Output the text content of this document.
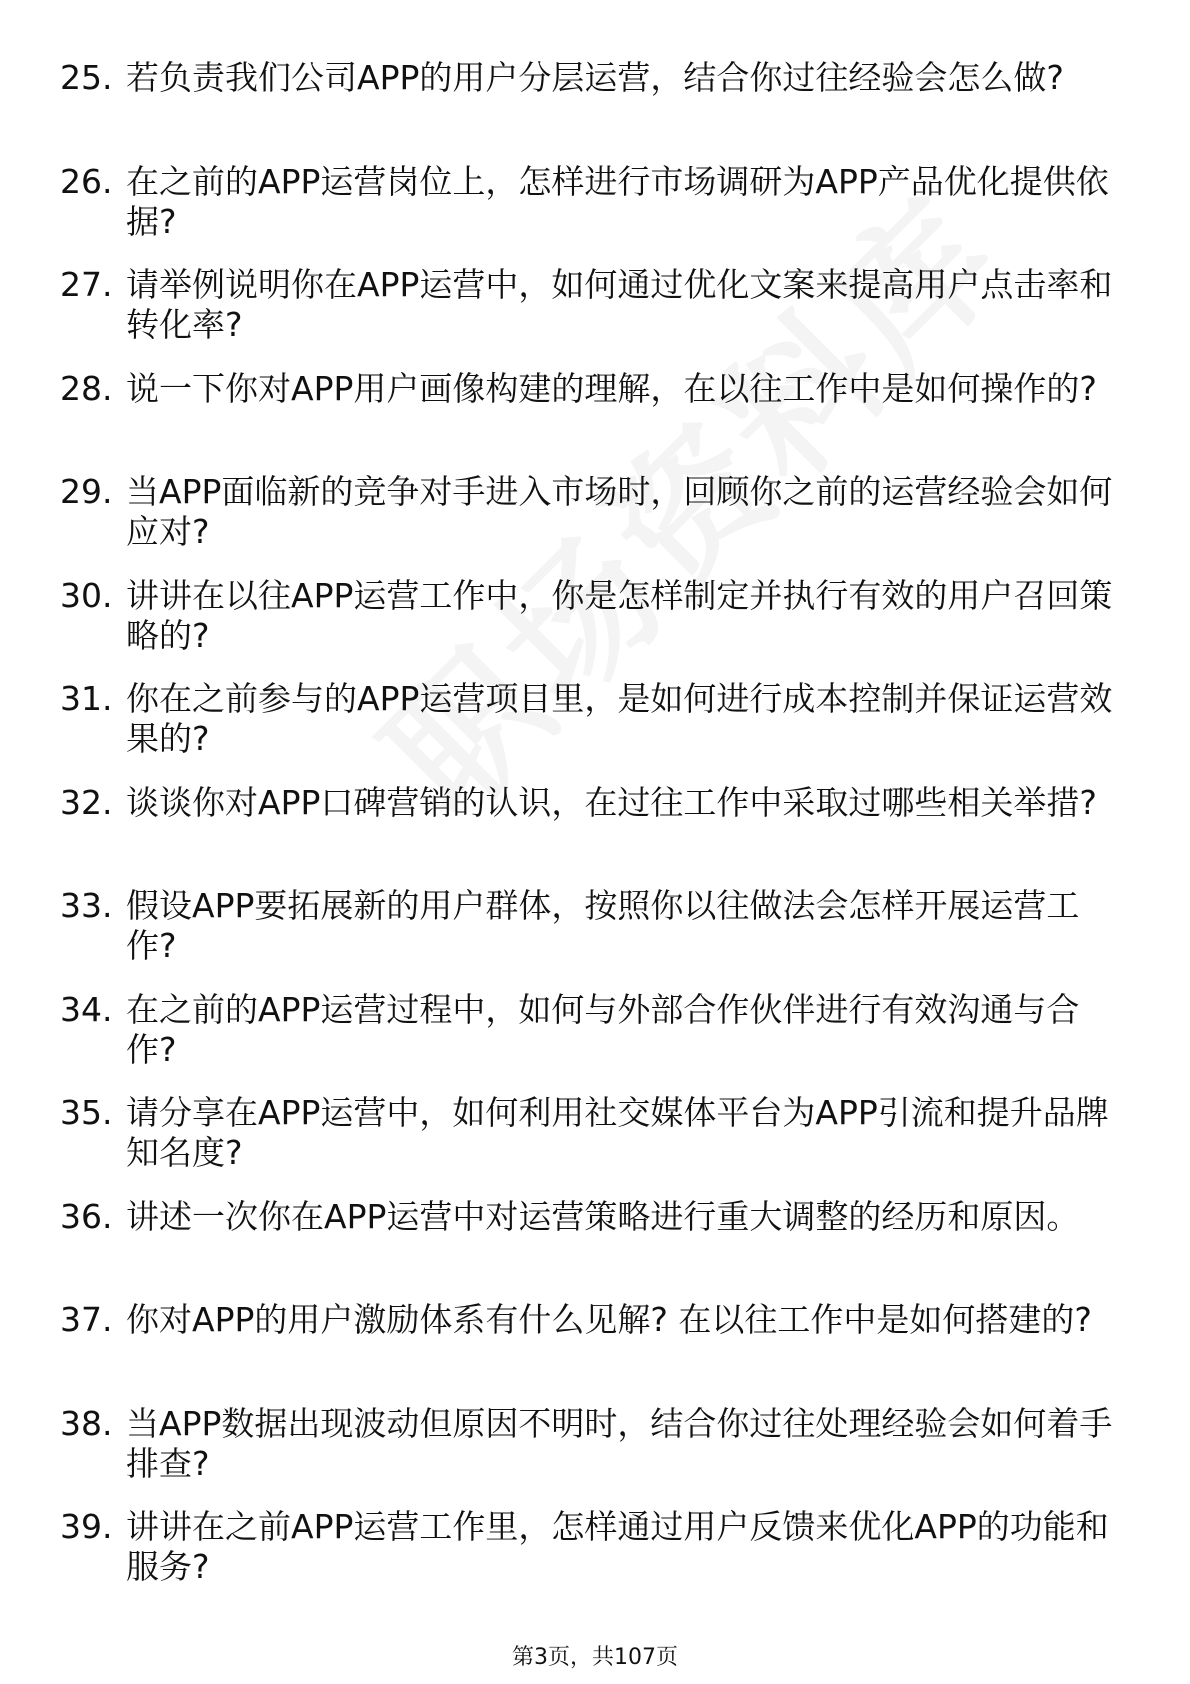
25. 若负责我们公司APP的用户分层运营，结合你过往经验会怎么做?
26. 在之前的APP运营岗位上，怎样进行市场调研为APP产品优化提供依据?
27. 请举例说明你在APP运营中，如何通过优化文案来提高用户点击率和转化率?
28. 说一下你对APP用户画像构建的理解，在以往工作中是如何操作的?
29. 当APP面临新的竞争对手进入市场时，回顾你之前的运营经验会如何应对?
30. 讲讲在以往APP运营工作中，你是怎样制定并执行有效的用户召回策略的?
31. 你在之前参与的APP运营项目里，是如何进行成本控制并保证运营效果的?
32. 谈谈你对APP口碑营销的认识，在过往工作中采取过哪些相关举措?
33. 假设APP要拓展新的用户群体，按照你以往做法会怎样开展运营工作?
34. 在之前的APP运营过程中，如何与外部合作伙伴进行有效沟通与合作?
35. 请分享在APP运营中，如何利用社交媒体平台为APP引流和提升品牌知名度?
36. 讲述一次你在APP运营中对运营策略进行重大调整的经历和原因。
37. 你对APP的用户激励体系有什么见解? 在以往工作中是如何搭建的?
38. 当APP数据出现波动但原因不明时，结合你过往处理经验会如何着手排查?
39. 讲讲在之前APP运营工作里，怎样通过用户反馈来优化APP的功能和服务?
第3页，共107页
